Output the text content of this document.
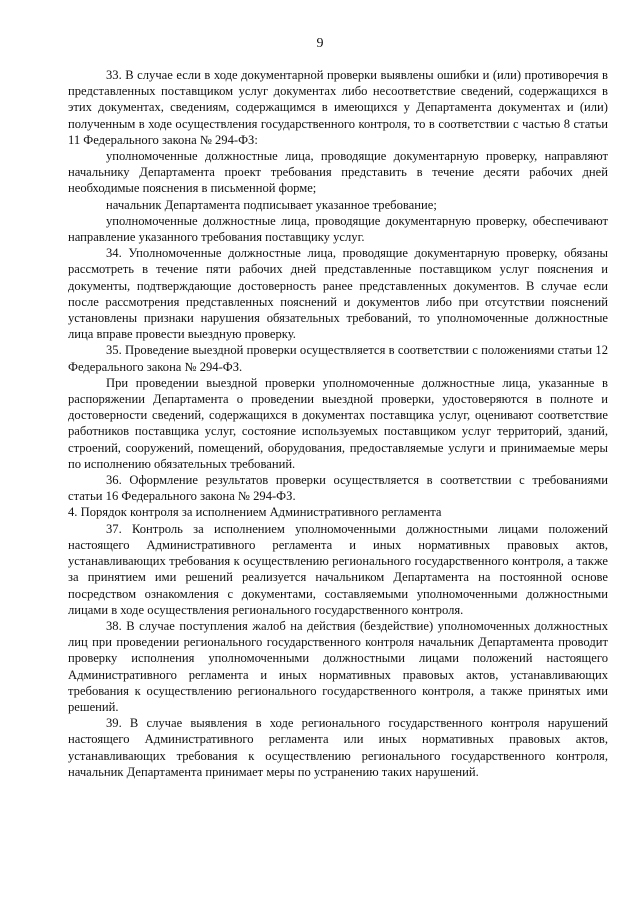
9

33. В случае если в ходе документарной проверки выявлены ошибки и (или) противоречия в представленных поставщиком услуг документах либо несоответствие сведений, содержащихся в этих документах, сведениям, содержащимся в имеющихся у Департамента документах и (или) полученным в ходе осуществления государственного контроля, то в соответствии с частью 8 статьи 11 Федерального закона № 294-ФЗ:

уполномоченные должностные лица, проводящие документарную проверку, направляют начальнику Департамента проект требования представить в течение десяти рабочих дней необходимые пояснения в письменной форме;

начальник Департамента подписывает указанное требование;

уполномоченные должностные лица, проводящие документарную проверку, обеспечивают направление указанного требования поставщику услуг.

34. Уполномоченные должностные лица, проводящие документарную проверку, обязаны рассмотреть в течение пяти рабочих дней представленные поставщиком услуг пояснения и документы, подтверждающие достоверность ранее представленных документов. В случае если после рассмотрения представленных пояснений и документов либо при отсутствии пояснений установлены признаки нарушения обязательных требований, то уполномоченные должностные лица вправе провести выездную проверку.

35. Проведение выездной проверки осуществляется в соответствии с положениями статьи 12 Федерального закона № 294-ФЗ.

При проведении выездной проверки уполномоченные должностные лица, указанные в распоряжении Департамента о проведении выездной проверки, удостоверяются в полноте и достоверности сведений, содержащихся в документах поставщика услуг, оценивают соответствие работников поставщика услуг, состояние используемых поставщиком услуг территорий, зданий, строений, сооружений, помещений, оборудования, предоставляемые услуги и принимаемые меры по исполнению обязательных требований.

36. Оформление результатов проверки осуществляется в соответствии с требованиями статьи 16 Федерального закона № 294-ФЗ.

4. Порядок контроля за исполнением Административного регламента

37. Контроль за исполнением уполномоченными должностными лицами положений настоящего Административного регламента и иных нормативных правовых актов, устанавливающих требования к осуществлению регионального государственного контроля, а также за принятием ими решений реализуется начальником Департамента на постоянной основе посредством ознакомления с документами, составляемыми уполномоченными должностными лицами в ходе осуществления регионального государственного контроля.

38. В случае поступления жалоб на действия (бездействие) уполномоченных должностных лиц при проведении регионального государственного контроля начальник Департамента проводит проверку исполнения уполномоченными должностными лицами положений настоящего Административного регламента и иных нормативных правовых актов, устанавливающих требования к осуществлению регионального государственного контроля, а также принятых ими решений.

39. В случае выявления в ходе регионального государственного контроля нарушений настоящего Административного регламента или иных нормативных правовых актов, устанавливающих требования к осуществлению регионального государственного контроля, начальник Департамента принимает меры по устранению таких нарушений.
